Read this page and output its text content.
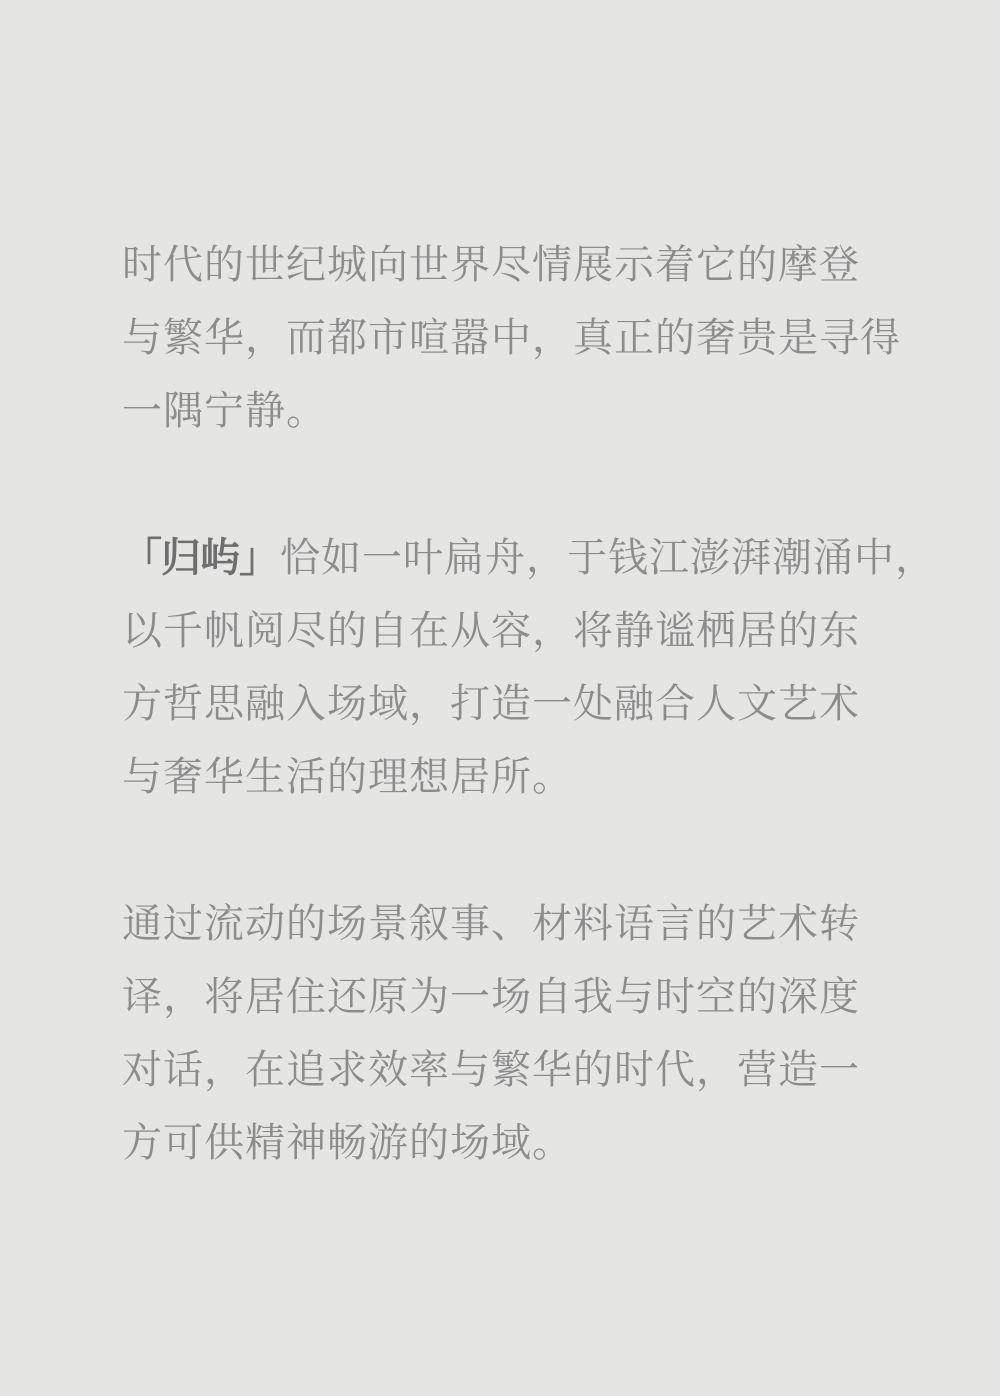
时代的世纪城向世界尽情展示着它的摩登
与繁华，而都市喧嚣中，真正的奢贵是寻得
一隅宁静。
「归屿」恰如一叶扁舟，于钱江澎湃潮涌中，
以千帆阅尽的自在从容，将静谧栖居的东
方哲思融入场域，打造一处融合人文艺术
与奢华生活的理想居所。
通过流动的场景叙事、材料语言的艺术转
译，将居住还原为一场自我与时空的深度
对话，在追求效率与繁华的时代，营造一
方可供精神畅游的场域。
